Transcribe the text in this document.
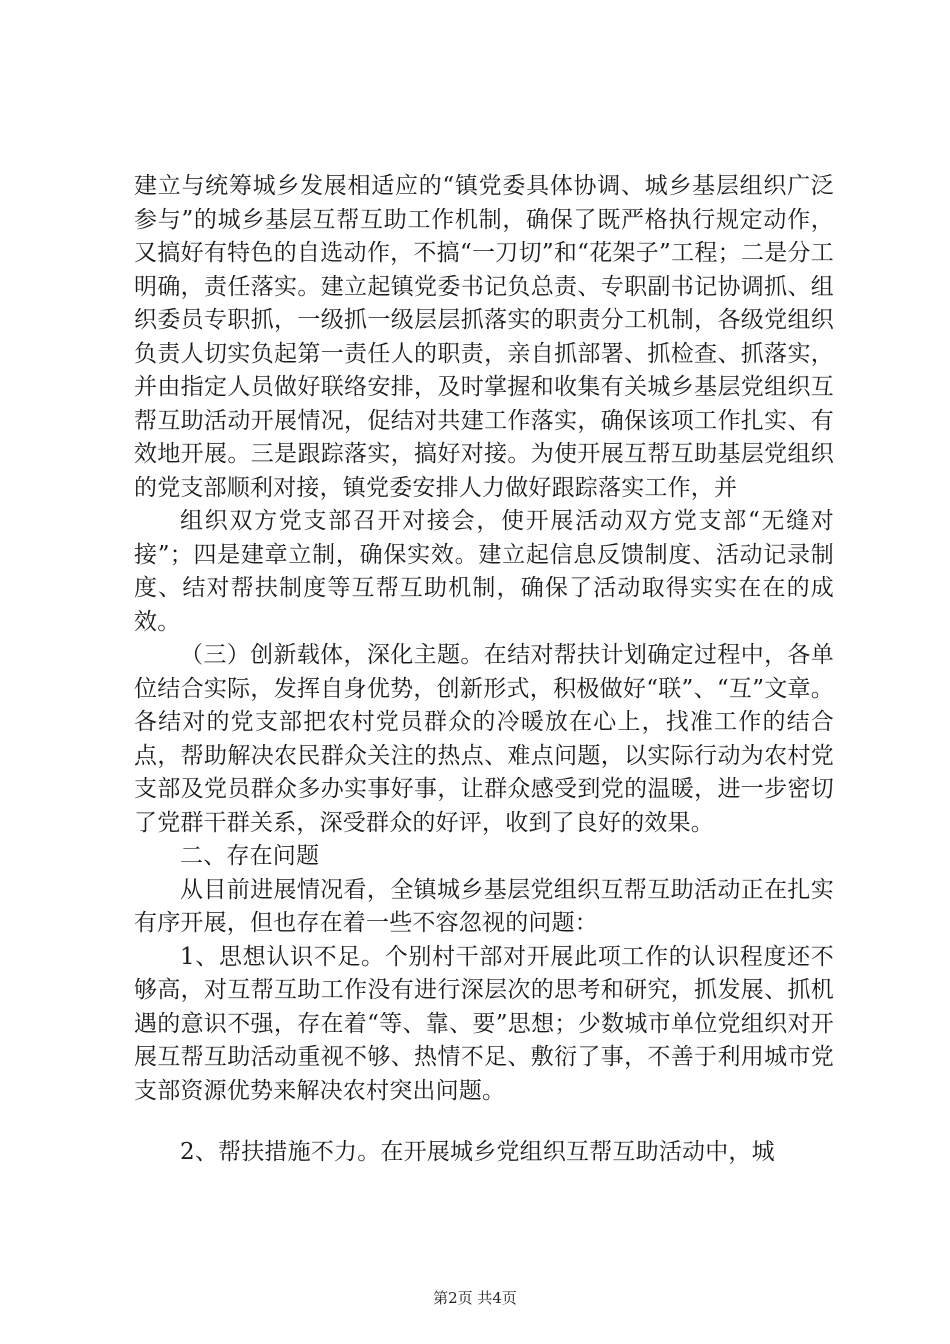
建立与统筹城乡发展相适应的“镇党委具体协调、城乡基层组织广泛参与”的城乡基层互帮互助工作机制，确保了既严格执行规定动作，又搞好有特色的自选动作，不搞“一刀切”和“花架子”工程；二是分工明确，责任落实。建立起镇党委书记负总责、专职副书记协调抓、组织委员专职抓，一级抓一级层层抓落实的职责分工机制，各级党组织负责人切实负起第一责任人的职责，亲自抓部署、抓检查、抓落实，并由指定人员做好联络安排，及时掌握和收集有关城乡基层党组织互帮互助活动开展情况，促结对共建工作落实，确保该项工作扎实、有效地开展。三是跟踪落实，搞好对接。为使开展互帮互助基层党组织的党支部顺利对接，镇党委安排人力做好跟踪落实工作，并

组织双方党支部召开对接会，使开展活动双方党支部“无缝对接”；四是建章立制，确保实效。建立起信息反馈制度、活动记录制度、结对帮扶制度等互帮互助机制，确保了活动取得实实在在的成效。

（三）创新载体，深化主题。在结对帮扶计划确定过程中，各单位结合实际，发挥自身优势，创新形式，积极做好“联”、“互”文章。各结对的党支部把农村党员群众的冷暖放在心上，找准工作的结合点，帮助解决农民群众关注的热点、难点问题，以实际行动为农村党支部及党员群众多办实事好事，让群众感受到党的温暖，进一步密切了党群干群关系，深受群众的好评，收到了良好的效果。

二、存在问题

从目前进展情况看，全镇城乡基层党组织互帮互助活动正在扎实有序开展，但也存在着一些不容忽视的问题：

1、思想认识不足。个别村干部对开展此项工作的认识程度还不够高，对互帮互助工作没有进行深层次的思考和研究，抓发展、抓机遇的意识不强，存在着“等、靠、要”思想；少数城市单位党组织对开展互帮互助活动重视不够、热情不足、敷衍了事，不善于利用城市党支部资源优势来解决农村突出问题。

2、帮扶措施不力。在开展城乡党组织互帮互助活动中，城

第2页 共4页
